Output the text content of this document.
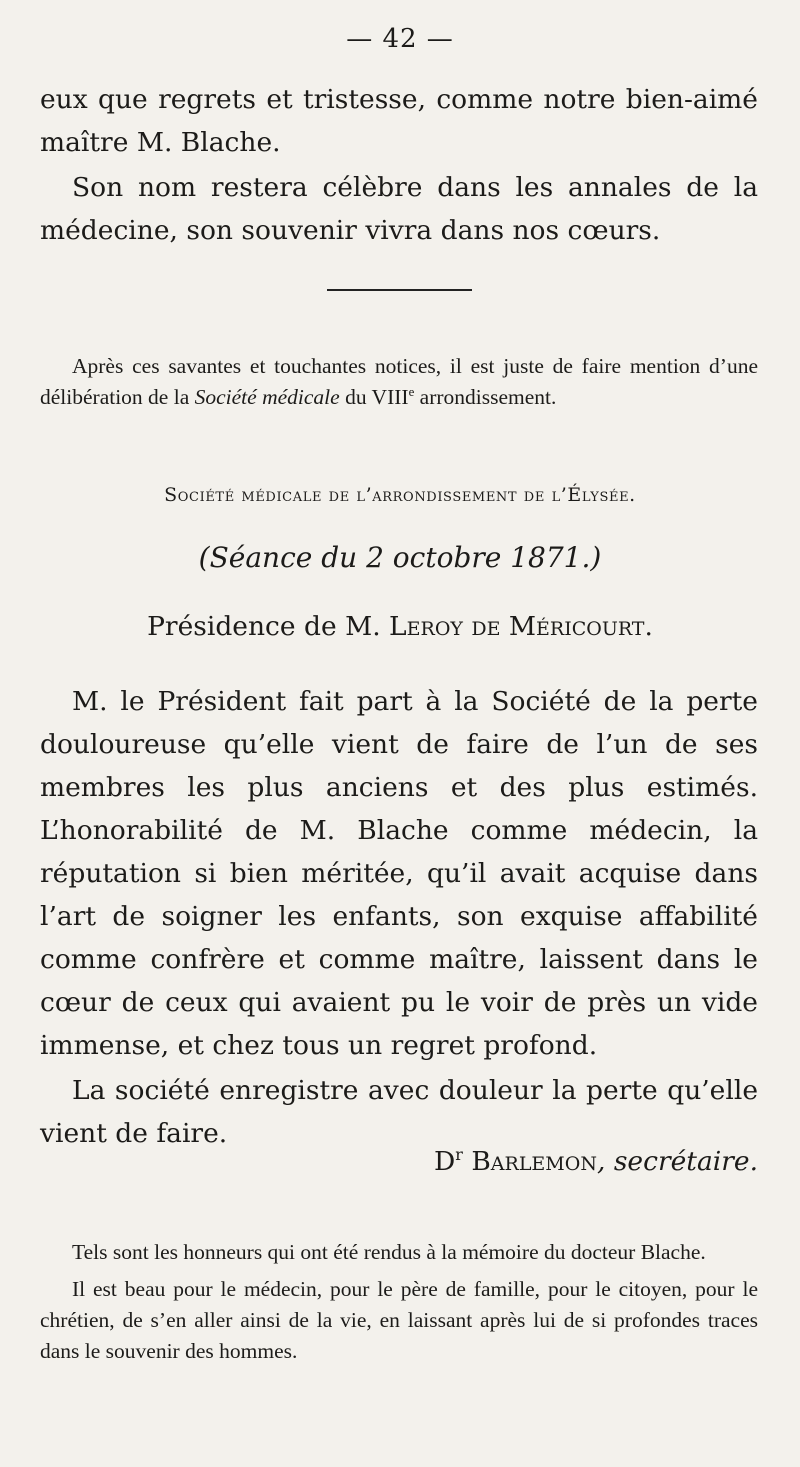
— 42 —

eux que regrets et tristesse, comme notre bien-aimé maître M. Blache.

Son nom restera célèbre dans les annales de la médecine, son souvenir vivra dans nos cœurs.

Après ces savantes et touchantes notices, il est juste de faire mention d’une délibération de la Société médicale du VIIIe arrondissement.

Société médicale de l’arrondissement de l’Élysée.
(Séance du 2 octobre 1871.)
Présidence de M. Leroy de Méricourt.

M. le Président fait part à la Société de la perte douloureuse qu’elle vient de faire de l’un de ses membres les plus anciens et des plus estimés. L’honorabilité de M. Blache comme médecin, la réputation si bien méritée, qu’il avait acquise dans l’art de soigner les enfants, son exquise affabilité comme confrère et comme maître, laissent dans le cœur de ceux qui avaient pu le voir de près un vide immense, et chez tous un regret profond.

La société enregistre avec douleur la perte qu’elle vient de faire.

$D^r$ Barlemon, secrétaire.

Tels sont les honneurs qui ont été rendus à la mémoire du docteur Blache.

Il est beau pour le médecin, pour le père de famille, pour le citoyen, pour le chrétien, de s’en aller ainsi de la vie, en laissant après lui de si profondes traces dans le souvenir des hommes.
